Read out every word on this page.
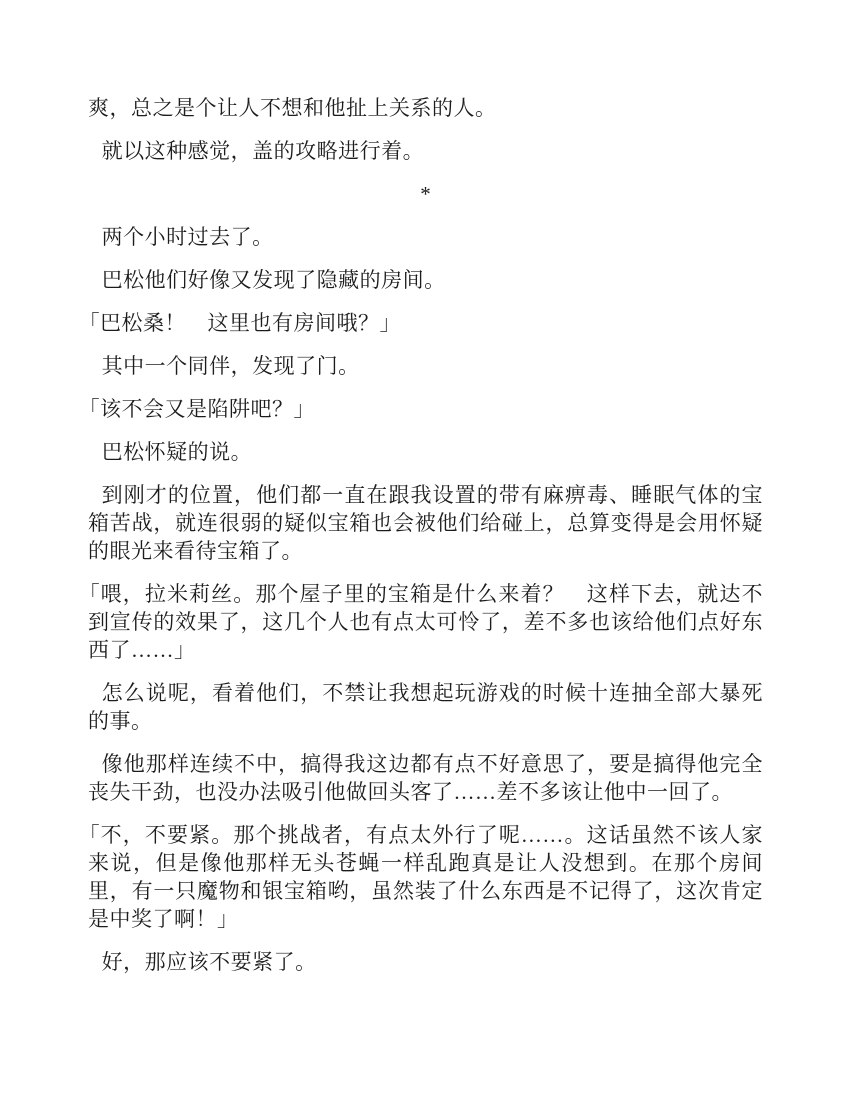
爽，总之是个让人不想和他扯上关系的人。

就以这种感觉，盖的攻略进行着。

*

两个小时过去了。

巴松他们好像又发现了隐藏的房间。

「巴松桑！　这里也有房间哦？」

其中一个同伴，发现了门。

「该不会又是陷阱吧？」

巴松怀疑的说。

到刚才的位置，他们都一直在跟我设置的带有麻痹毒、睡眠气体的宝箱苦战，就连很弱的疑似宝箱也会被他们给碰上，总算变得是会用怀疑的眼光来看待宝箱了。

「喂，拉米莉丝。那个屋子里的宝箱是什么来着？　这样下去，就达不到宣传的效果了，这几个人也有点太可怜了，差不多也该给他们点好东西了……」

怎么说呢，看着他们，不禁让我想起玩游戏的时候十连抽全部大暴死的事。

像他那样连续不中，搞得我这边都有点不好意思了，要是搞得他完全丧失干劲，也没办法吸引他做回头客了……差不多该让他中一回了。

「不，不要紧。那个挑战者，有点太外行了呢……。这话虽然不该人家来说，但是像他那样无头苍蝇一样乱跑真是让人没想到。在那个房间里，有一只魔物和银宝箱哟，虽然装了什么东西是不记得了，这次肯定是中奖了啊！」

好，那应该不要紧了。
